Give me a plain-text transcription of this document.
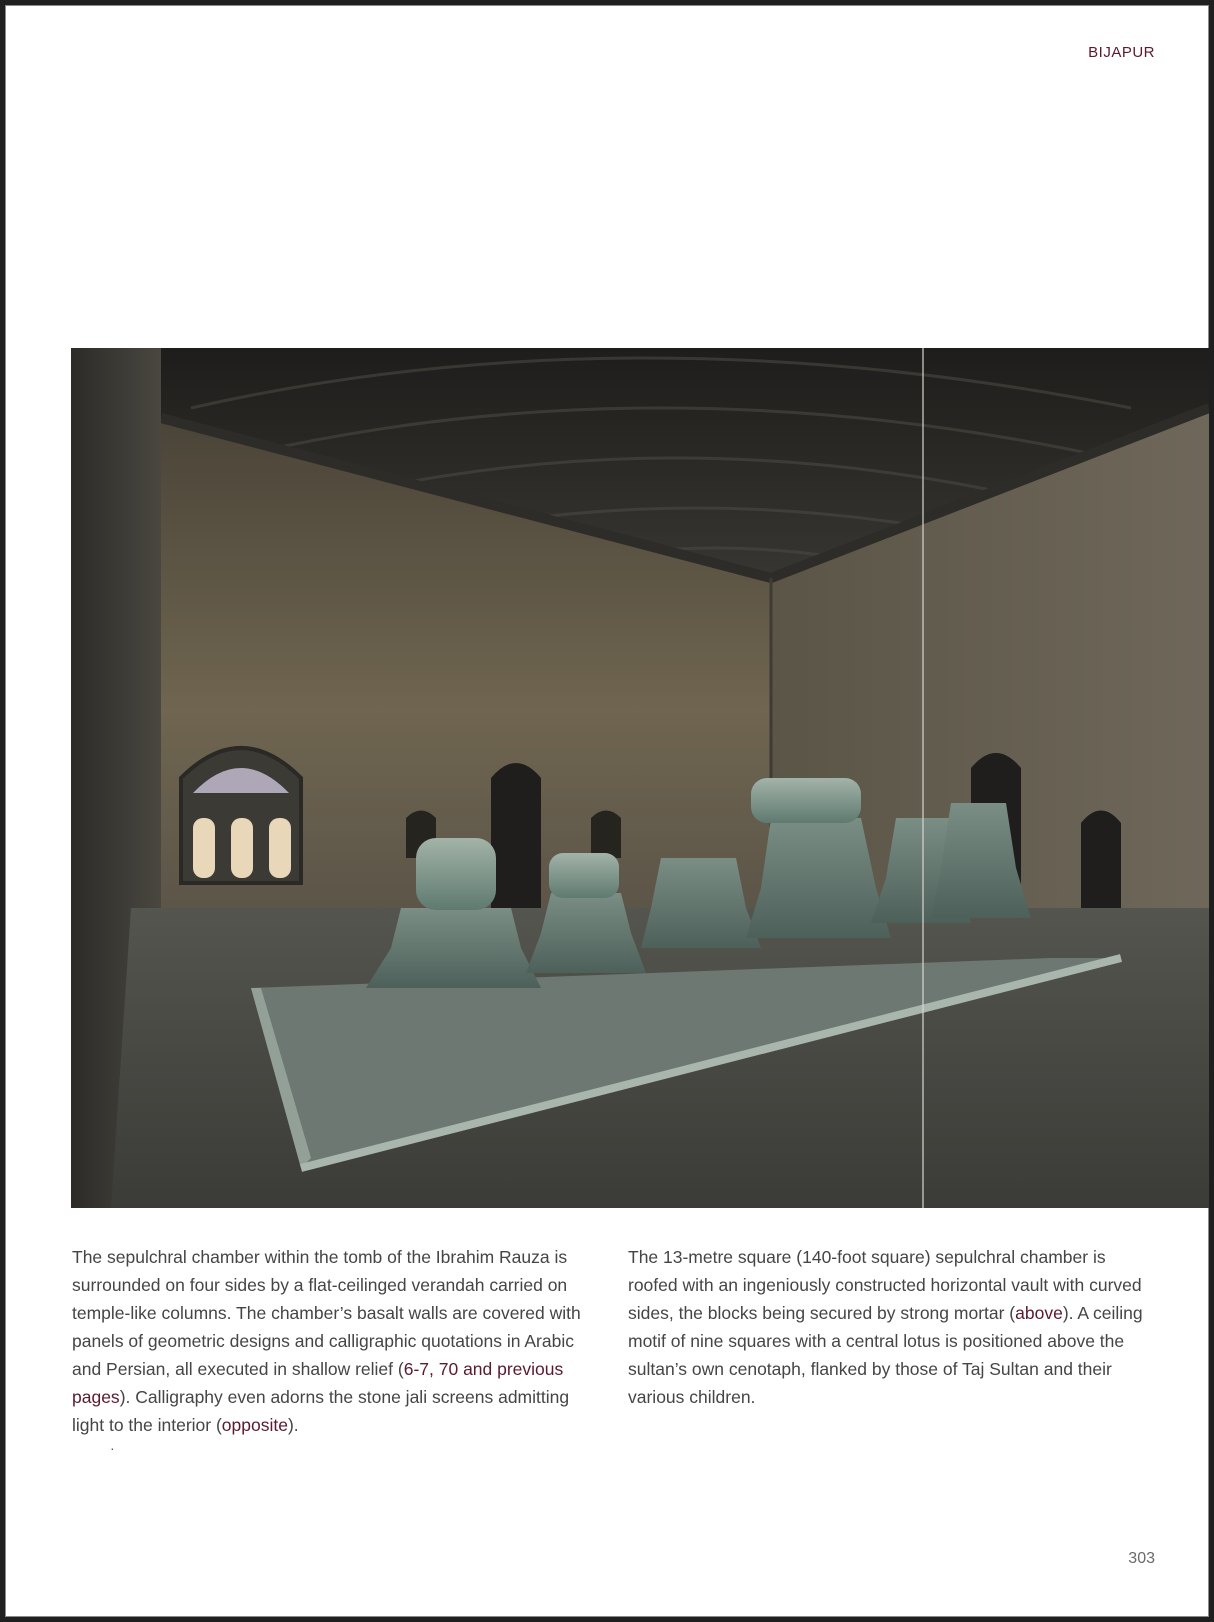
BIJAPUR
The sepulchral chamber within the tomb of the Ibrahim Rauza is surrounded on four sides by a flat-ceilinged verandah carried on temple-like columns. The chamber’s basalt walls are covered with panels of geometric designs and calligraphic quotations in Arabic and Persian, all executed in shallow relief (6-7, 70 and previous pages). Calligraphy even adorns the stone jali screens admitting light to the interior (opposite).
The 13-metre square (140-foot square) sepulchral chamber is roofed with an ingeniously constructed horizontal vault with curved sides, the blocks being secured by strong mortar (above). A ceiling motif of nine squares with a central lotus is positioned above the sultan’s own cenotaph, flanked by those of Taj Sultan and their various children.
·
303
